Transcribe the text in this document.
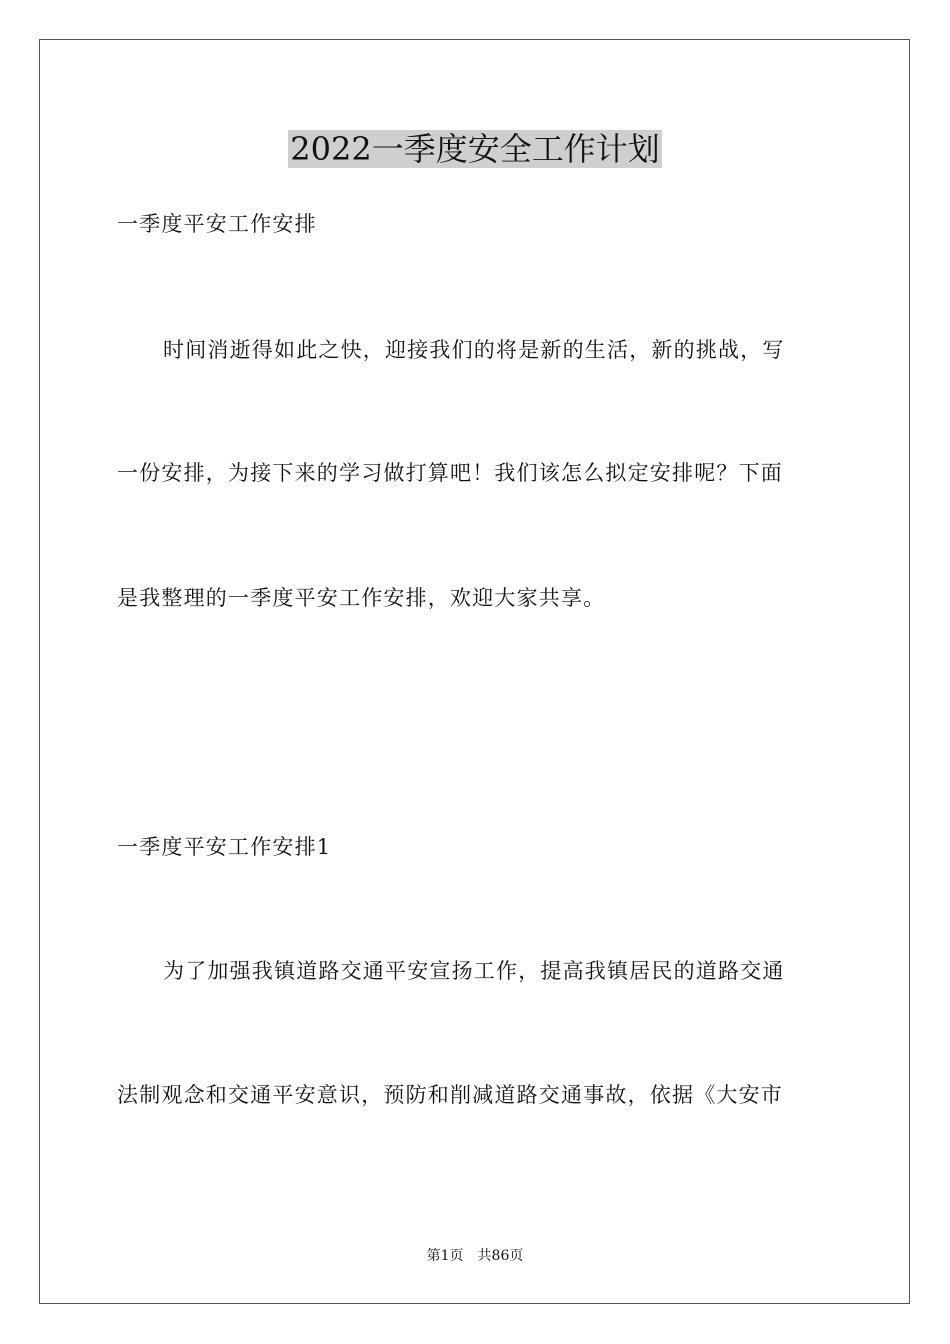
2022一季度安全工作计划

一季度平安工作安排

时间消逝得如此之快，迎接我们的将是新的生活，新的挑战，写

一份安排，为接下来的学习做打算吧！我们该怎么拟定安排呢？下面

是我整理的一季度平安工作安排，欢迎大家共享。

一季度平安工作安排1

为了加强我镇道路交通平安宣扬工作，提高我镇居民的道路交通

法制观念和交通平安意识，预防和削减道路交通事故，依据《大安市

第1页 共86页
